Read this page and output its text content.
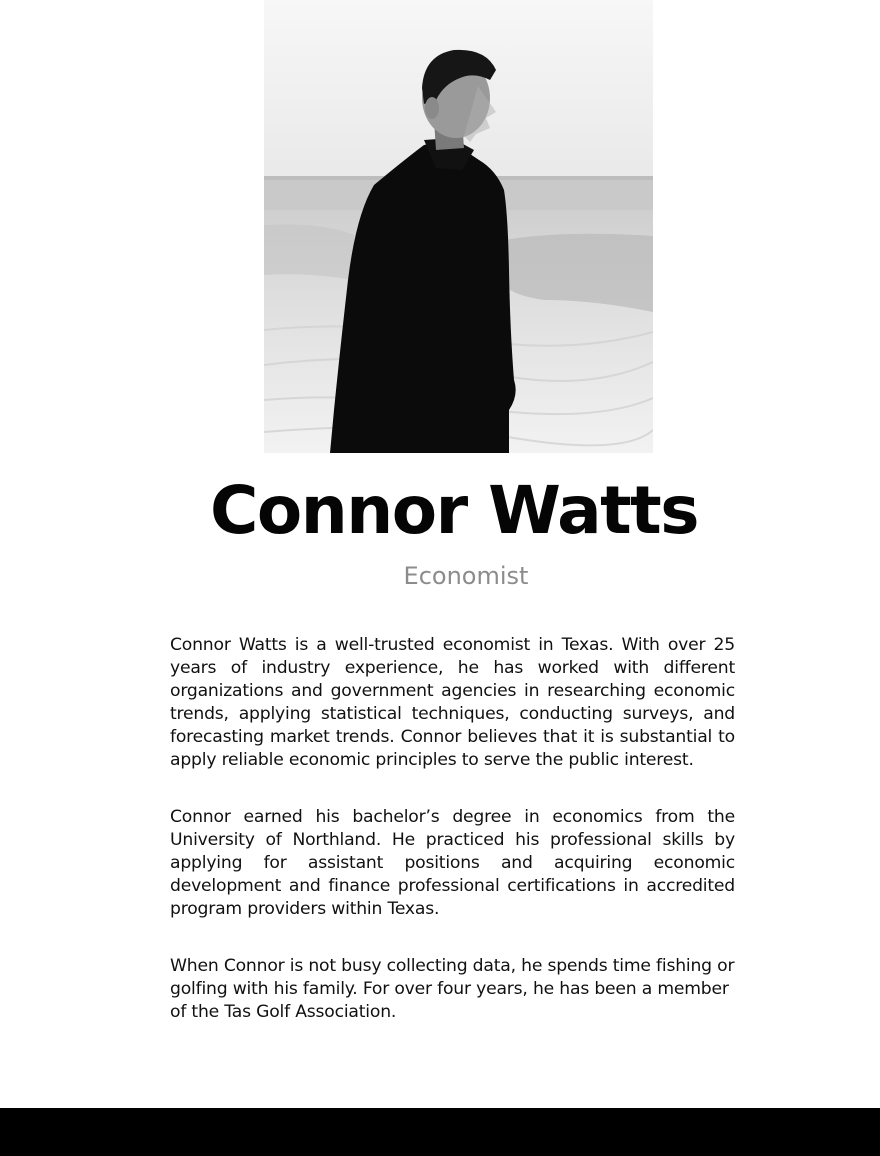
Connor Watts
Economist

Connor Watts is a well-trusted economist in Texas. With over 25 years of industry experience, he has worked with different organizations and government agencies in researching economic trends, applying statistical techniques, conducting surveys, and forecasting market trends. Connor believes that it is substantial to apply reliable economic principles to serve the public interest.

Connor earned his bachelor’s degree in economics from the University of Northland. He practiced his professional skills by applying for assistant positions and acquiring economic development and finance professional certifications in accredited program providers within Texas.

When Connor is not busy collecting data, he spends time fishing or golfing with his family. For over four years, he has been a member of the Tas Golf Association.
